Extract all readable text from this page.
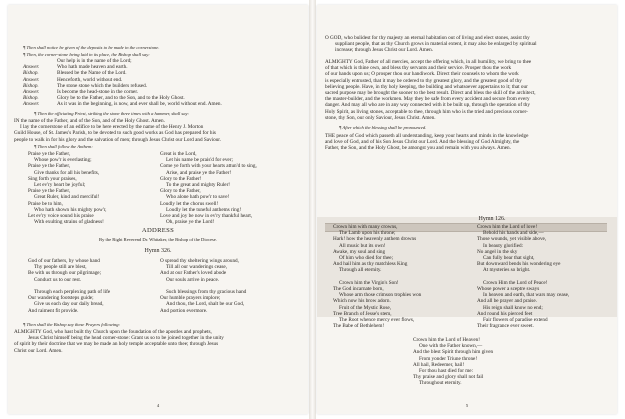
¶ Then shall notice be given of the deposits to be made in the cornerstone.
¶ Then, the corner-stone being laid in its place, the Bishop shall say:
Our help is in the name of the Lord;
Answer.	Who hath made heaven and earth.
Bishop.	Blessed be the Name of the Lord.
Answer.	Henceforth, world without end.
Bishop.	The stone stone which the builders refused.
Answer.	Is become the head-stone in the corner.
Bishop.	Glory be to the Father, and to the Son, and to the Holy Ghost.
Answer.	As it was in the beginning, is now, and ever shall be, world without end. Amen.
¶ Then the officiating Priest, striking the stone three times with a hammer, shall say:
IN the name of the Father, and of the Son, and of the Holy Ghost. Amen.
I lay the cornerstone of an edifice to be here erected by the name of the Henry J. Morton
Guild House, of St. James's Parish, to be devoted to such good works as God has prepared for his
people to walk in for his glory and the salvation of men; through Jesus Christ our Lord and Saviour.
¶ Then shall follow the Anthem:
Praise ye the Father,
Whose pow'r is everlasting;
Praise ye the Father,
Give thanks for all his benefits,
Sing forth your praises,
Let ev'ry heart be joyful;
Praise ye the Father,
Great Ruler, kind and merciful!
Praise be to him,
Who hath shown his mighty pow'r,
Let ev'ry voice sound his praise
With exulting strains of gladness!
Great is the Lord,
Let his name be prais'd for ever;
Come ye forth with your hearts attun'd to sing,
Arise, and praise ye the Father!
Glory to the Father!
To the great and mighty Ruler!
Glory to the Father,
Who alone hath pow'r to save!
Loudly let the chorus swell!
Loudly let the tuneful anthems ring!
Love and joy be now in ev'ry thankful heart,
Oh, praise ye the Lord!
ADDRESS
By the Right Reverend Dr. Whitaker, the Bishop of the Diocese.
Hymn 326.
God of our fathers, by whose hand
Thy people still are blest,
Be with us through our pilgrimage;
Conduct us to our rest.
Through each perplexing path of life
Our wandering footsteps guide;
Give us each day our daily bread,
And raiment fit provide.
O spread thy sheltering wings around,
Till all our wanderings cease,
And at our Father's loved abode
Our souls arrive in peace.
Such blessings from thy gracious hand
Our humble prayers implore;
And thou, the Lord, shalt be our God,
And portion evermore.
¶ Then shall the Bishop say these Prayers following:
ALMIGHTY God, who hast built thy Church upon the foundation of the apostles and prophets,
Jesus Christ himself being the head corner-stone: Grant us so to be joined together in the unity
of spirit by their doctrine that we may be made an holy temple acceptable unto thee; through Jesus
Christ our Lord. Amen.
4
O GOD, who bulidest for thy majesty an eternal habitation out of living and elect stones, assist thy
suppliant people, that as thy Church grows in material extent, it may also be enlarged by spiritual
increase; through Jesus Christ our Lord. Amen.
ALMIGHTY God, Father of all mercies, accept the offering which, in all humility, we bring to thee
of that which is thine own, and bless thy servants and their service. Prosper thou the work
of our hands upon us; O prosper thou our handiwork. Direct their counsels to whom the work
is especially entrusted, that it may be ordered to thy greatest glory, and the greatest good of thy
believing people. Have, in thy holy keeping, the building and whatsoever appertains to it; that our
sacred purpose may be brought the sooner to the best result. Direct and bless the skill of the architect,
the master-builder, and the workmen. May they be safe from every accident and secure from every
danger. And may all who are in any way connected with it be built up, through the operation of thy
Holy Spirit, as living stones, acceptable to thee, through him who is the tried and precious corner-
stone, thy Son, our only Saviour, Jesus Christ. Amen.
¶ After which the blessing shall be pronounced.
THE peace of God which passeth all understanding, keep your hearts and minds in the knowledge
and love of God, and of his Son Jesus Christ our Lord. And the blessing of God Almighty, the
Father, the Son, and the Holy Ghost, be amongst you and remain with you always. Amen.
Hymn 126.
Crown him with many crowns,
The Lamb upon his throne;
Hark! how the heavenly anthem drowns
All music but its own!
Awake, my soul and sing
Of him who died for thee;
And hail him as thy matchless King
Through all eternity.
Crown him the Virgin's Son!
The God incarnate born,
Whose arm those crimson trophies won
Which now his brow adorn.
Fruit of the Mystic Rose,
Tree Branch of Jesse's stem,
The Root whence mercy ever flows,
The Babe of Bethlehem!
Crown him the Lord of love!
Behold his hands and side,—
Those wounds, yet visible above,
In beauty glorified:
No angel in the sky
Can fully bear that sight,
But downward bends his wondering eye
At mysteries so bright.
Crown Him the Lord of Peace!
Whose power a sceptre sways
In heaven and earth, that wars may cease,
And all be prayer and praise.
His reign shall know no end;
And round his pierced feet
Fair flowers of paradise extend
Their fragrance ever sweet.
Crown him the Lord of Heaven!
One with the Father known,—
And the blest Spirit through him given
From yonder Triune throne!
All hail, Redeemer, hail!
For thou hast died for me:
Thy praise and glory shall not fail
Throughout eternity.
5
